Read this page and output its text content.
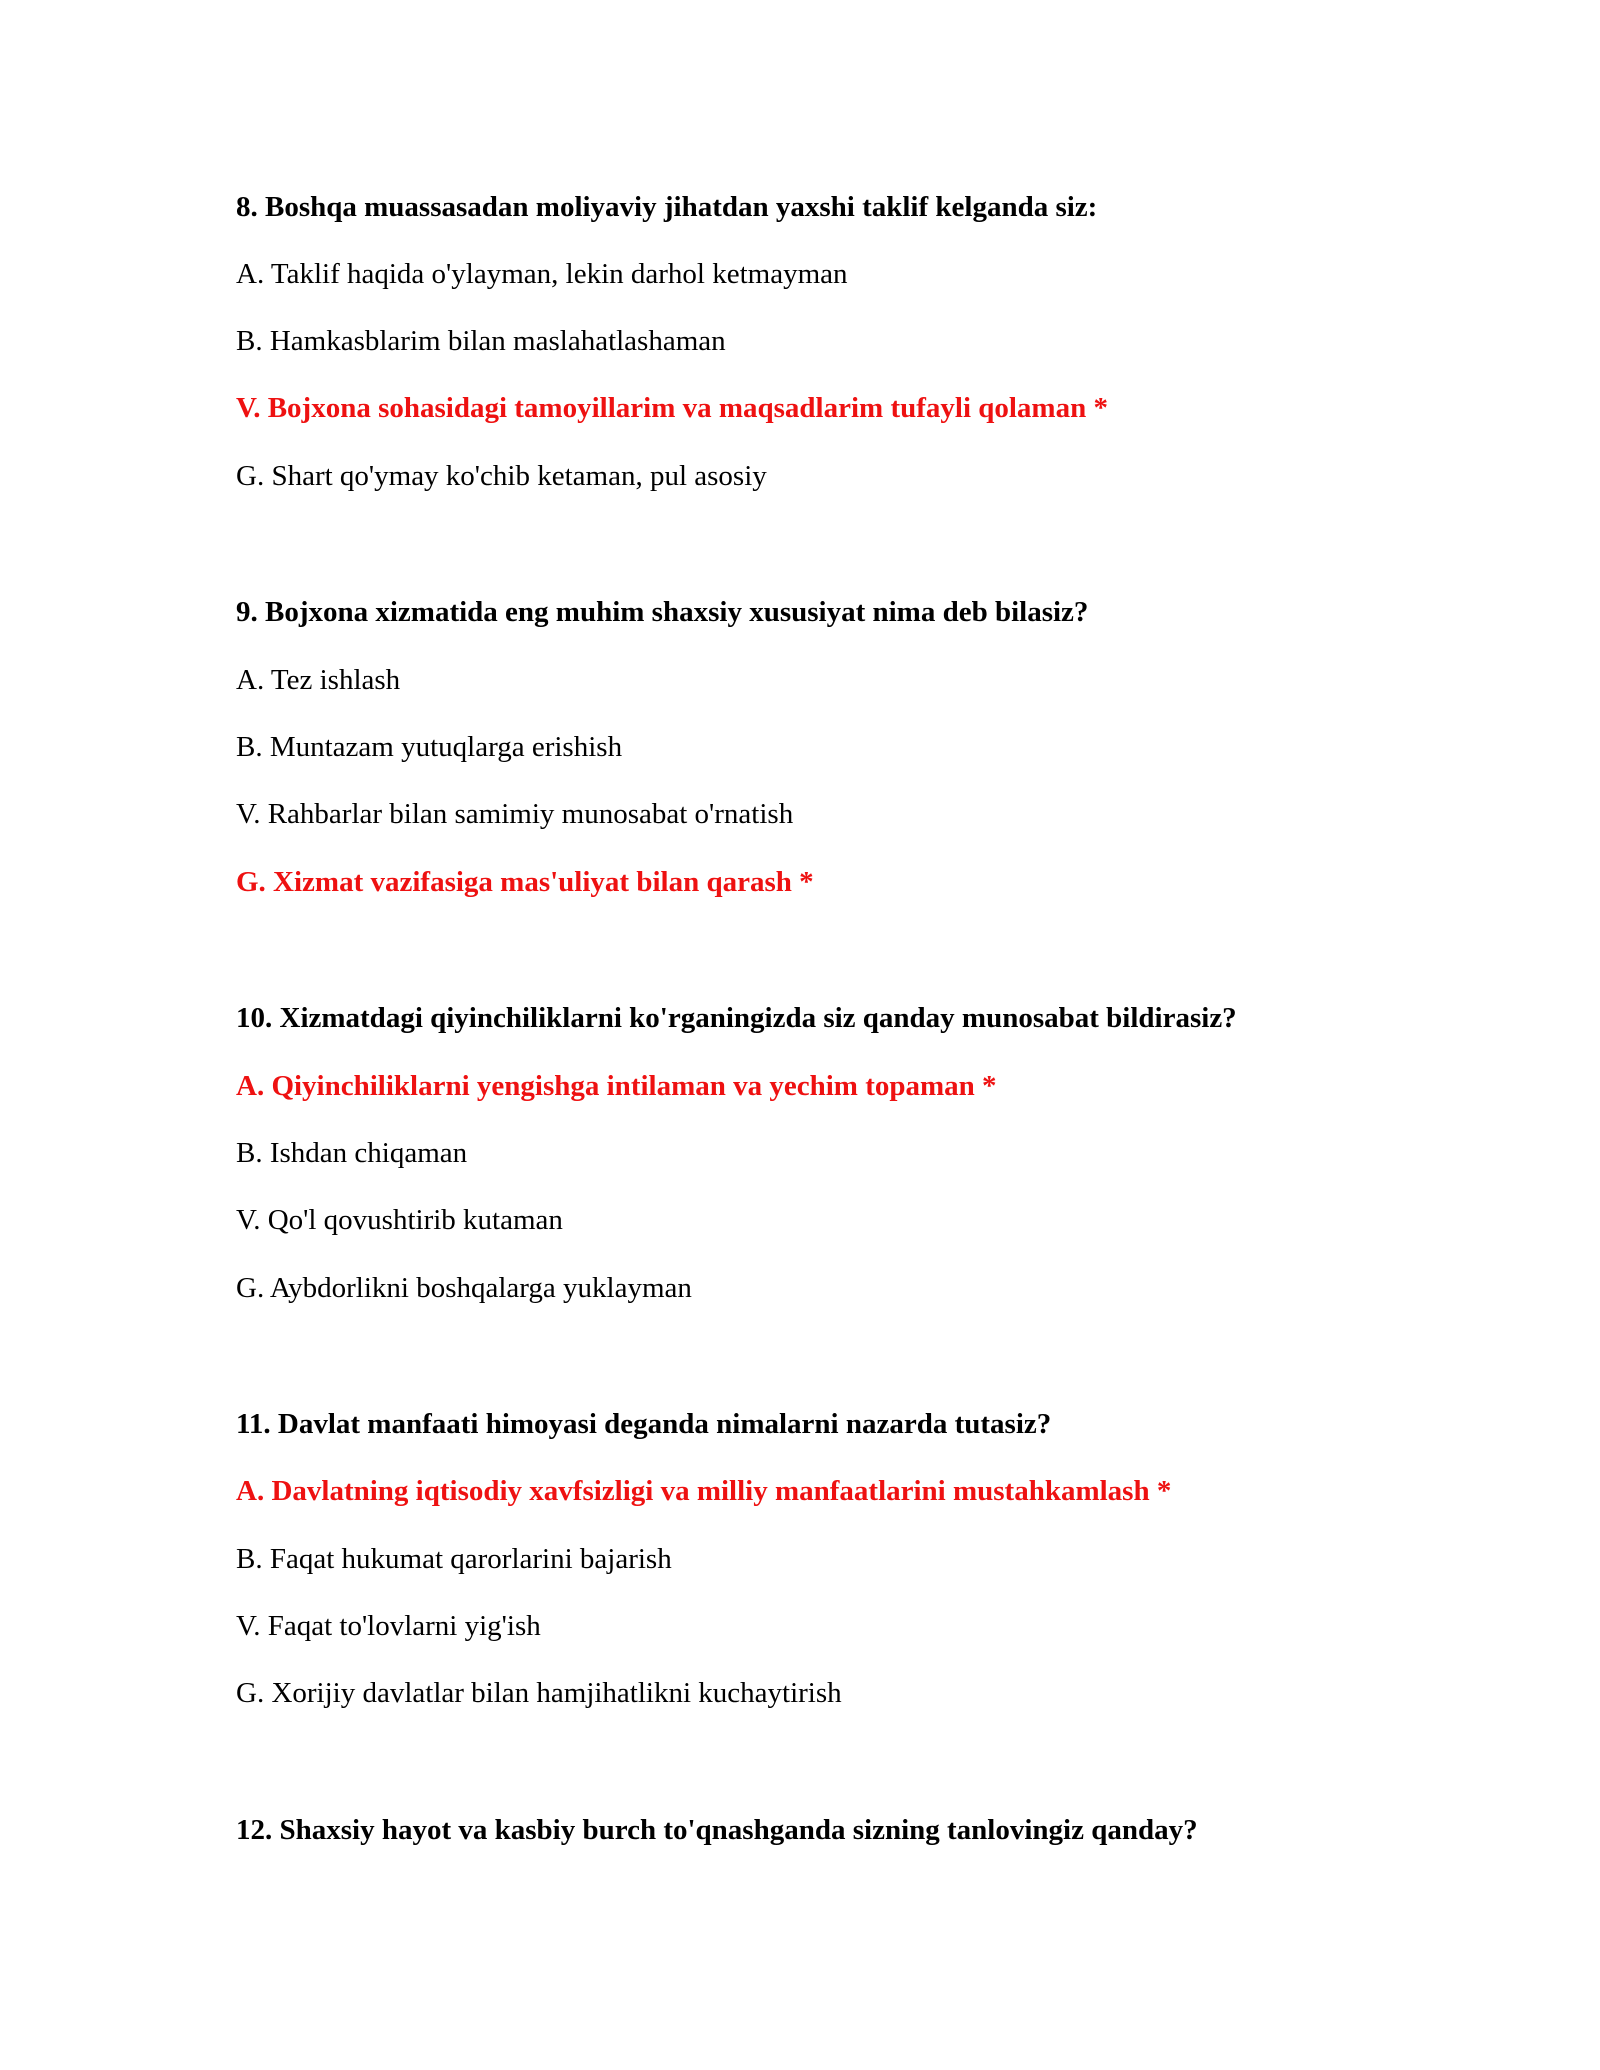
8. Boshqa muassasadan moliyaviy jihatdan yaxshi taklif kelganda siz:
A. Taklif haqida o'ylayman, lekin darhol ketmayman
B. Hamkasblarim bilan maslahatlashaman
V. Bojxona sohasidagi tamoyillarim va maqsadlarim tufayli qolaman *
G. Shart qo'ymay ko'chib ketaman, pul asosiy
9. Bojxona xizmatida eng muhim shaxsiy xususiyat nima deb bilasiz?
A. Tez ishlash
B. Muntazam yutuqlarga erishish
V. Rahbarlar bilan samimiy munosabat o'rnatish
G. Xizmat vazifasiga mas'uliyat bilan qarash *
10. Xizmatdagi qiyinchiliklarni ko'rganingizda siz qanday munosabat bildirasiz?
A. Qiyinchiliklarni yengishga intilaman va yechim topaman *
B. Ishdan chiqaman
V. Qo'l qovushtirib kutaman
G. Aybdorlikni boshqalarga yuklayman
11. Davlat manfaati himoyasi deganda nimalarni nazarda tutasiz?
A. Davlatning iqtisodiy xavfsizligi va milliy manfaatlarini mustahkamlash *
B. Faqat hukumat qarorlarini bajarish
V. Faqat to'lovlarni yig'ish
G. Xorijiy davlatlar bilan hamjihatlikni kuchaytirish
12. Shaxsiy hayot va kasbiy burch to'qnashganda sizning tanlovingiz qanday?
